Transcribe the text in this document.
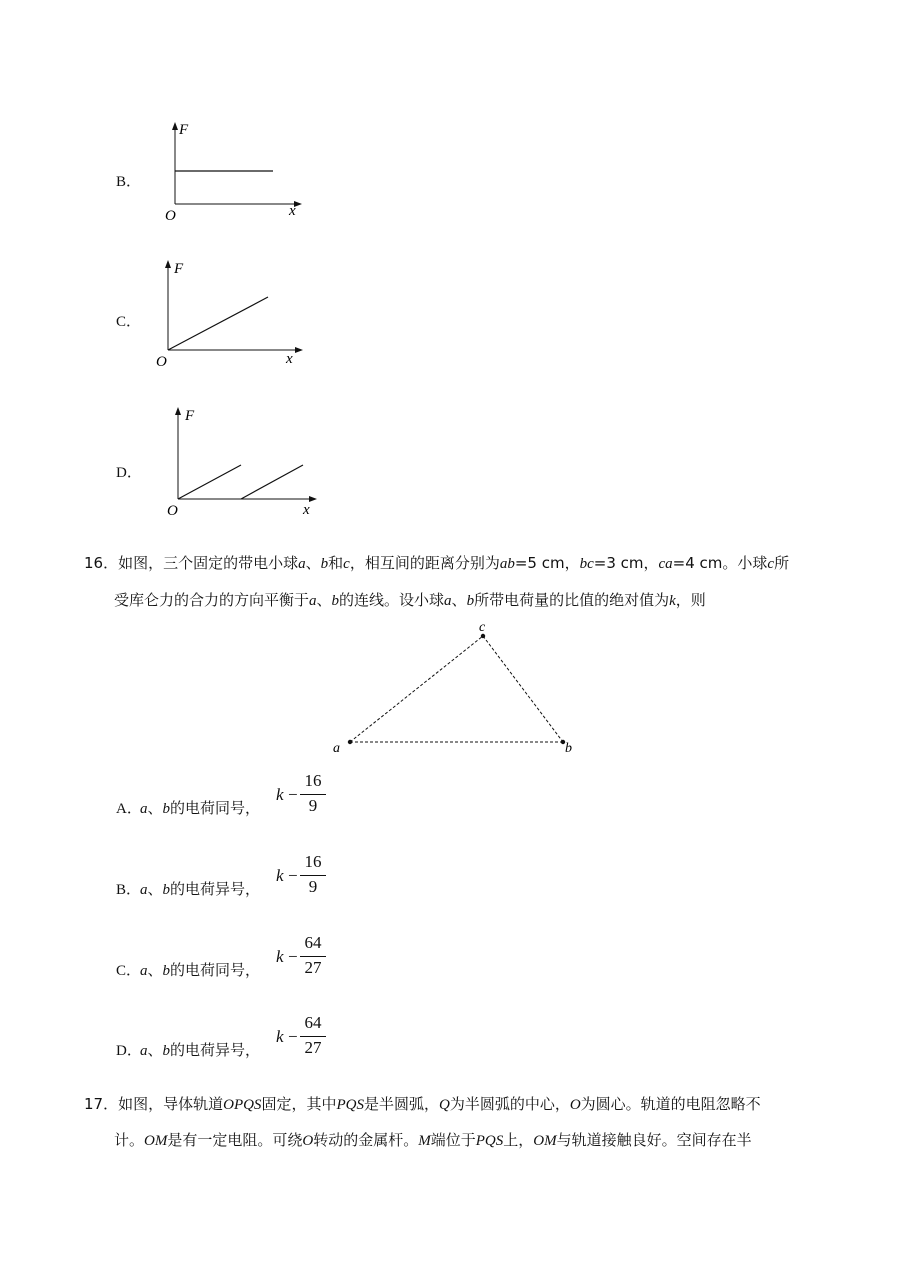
B．
F
x
O
C．
F
x
O
D．
F
x
O
16．如图，三个固定的带电小球a、b和c，相互间的距离分别为ab=5 cm，bc=3 cm，ca=4 cm。小球c所
受库仑力的合力的方向平衡于a、b的连线。设小球a、b所带电荷量的比值的绝对值为k，则
a	b
c
A．
a、b的电荷同号，
k −
16
9
B．
a、b的电荷异号，
k −
16
9
C．
a、b的电荷同号，
k −
64
27
D．
a、b的电荷异号，
k −
64
27
17．如图，导体轨道OPQS固定，其中PQS是半圆弧，Q为半圆弧的中心，O为圆心。轨道的电阻忽略不
计。OM是有一定电阻。可绕O转动的金属杆。M端位于PQS上，OM与轨道接触良好。空间存在半
